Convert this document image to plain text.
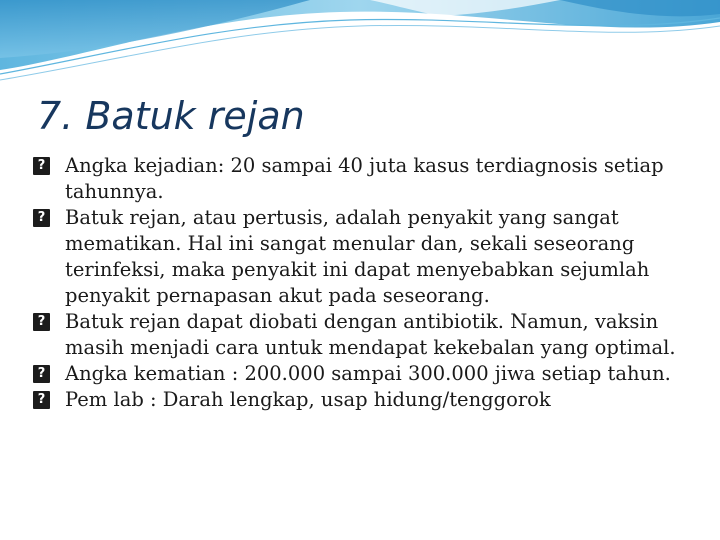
7. Batuk rejan
?
Angka kejadian: 20 sampai 40 juta kasus terdiagnosis setiap tahunnya.
?
Batuk rejan, atau pertusis, adalah penyakit yang sangat mematikan. Hal ini sangat menular dan, sekali seseorang terinfeksi, maka penyakit ini dapat menyebabkan sejumlah penyakit pernapasan akut pada seseorang.
?
Batuk rejan dapat diobati dengan antibiotik. Namun, vaksin masih menjadi cara untuk mendapat kekebalan yang optimal.
?
Angka kematian : 200.000 sampai 300.000 jiwa setiap tahun.
?
Pem lab : Darah lengkap, usap hidung/tenggorok
